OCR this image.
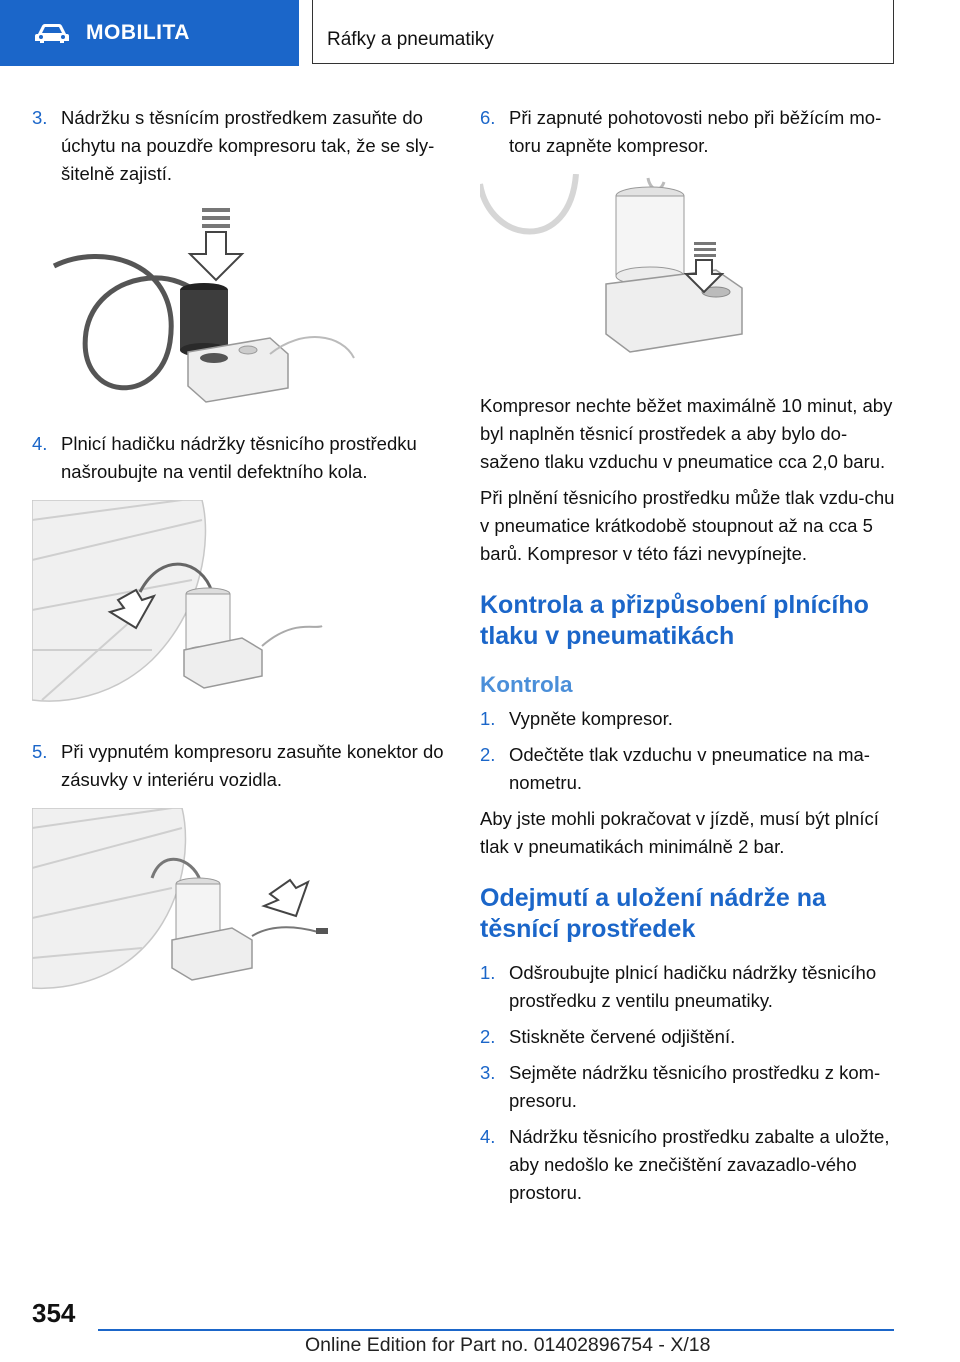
MOBILITA	Ráfky a pneumatiky
3. Nádržku s těsnícím prostředkem zasuňte do úchytu na pouzdře kompresoru tak, že se sly‐šitelně zajistí.
4. Plnicí hadičku nádržky těsnicího prostředku našroubujte na ventil defektního kola.
5. Při vypnutém kompresoru zasuňte konektor do zásuvky v interiéru vozidla.
6. Při zapnuté pohotovosti nebo při běžícím mo‐toru zapněte kompresor.

Kompresor nechte běžet maximálně 10 minut, aby byl naplněn těsnicí prostředek a aby bylo do‐saženo tlaku vzduchu v pneumatice cca 2,0 baru.

Při plnění těsnicího prostředku může tlak vzdu‐chu v pneumatice krátkodobě stoupnout až na cca 5 barů. Kompresor v této fázi nevypínejte.

Kontrola a přizpůsobení plnícího tlaku v pneumatikách
Kontrola
1. Vypněte kompresor.
2. Odečtěte tlak vzduchu v pneumatice na ma‐nometru.

Aby jste mohli pokračovat v jízdě, musí být plnící tlak v pneumatikách minimálně 2 bar.

Odejmutí a uložení nádrže na těsnící prostředek
1. Odšroubujte plnicí hadičku nádržky těsnicího prostředku z ventilu pneumatiky.
2. Stiskněte červené odjištění.
3. Sejměte nádržku těsnicího prostředku z kom‐presoru.
4. Nádržku těsnicího prostředku zabalte a uložte, aby nedošlo ke znečištění zavazadlo‐vého prostoru.
354
Online Edition for Part no. 01402896754 - X/18
